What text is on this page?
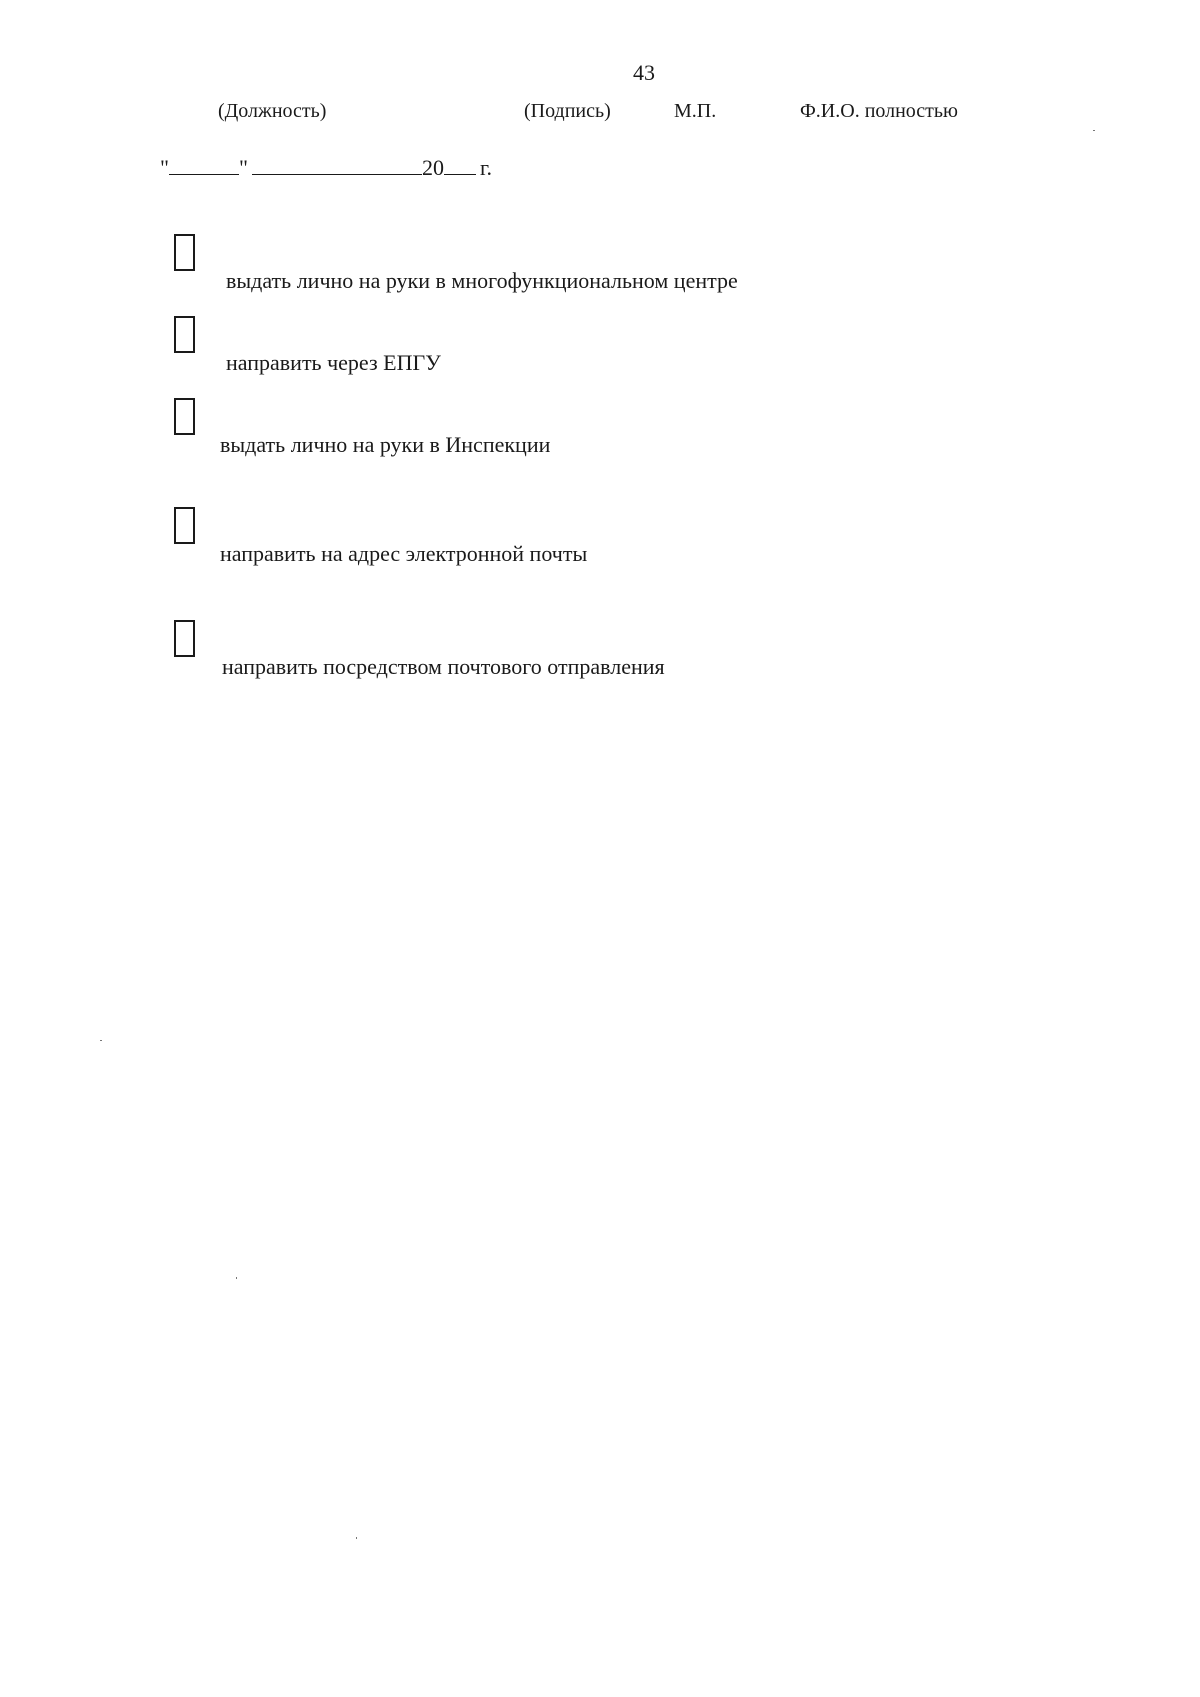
43
(Должность)	(Подпись)	М.П.	Ф.И.О. полностью
"	"	20 г.
выдать лично на руки в многофункциональном центре
направить через ЕПГУ
выдать лично на руки в Инспекции
направить на адрес электронной почты
направить посредством почтового отправления
